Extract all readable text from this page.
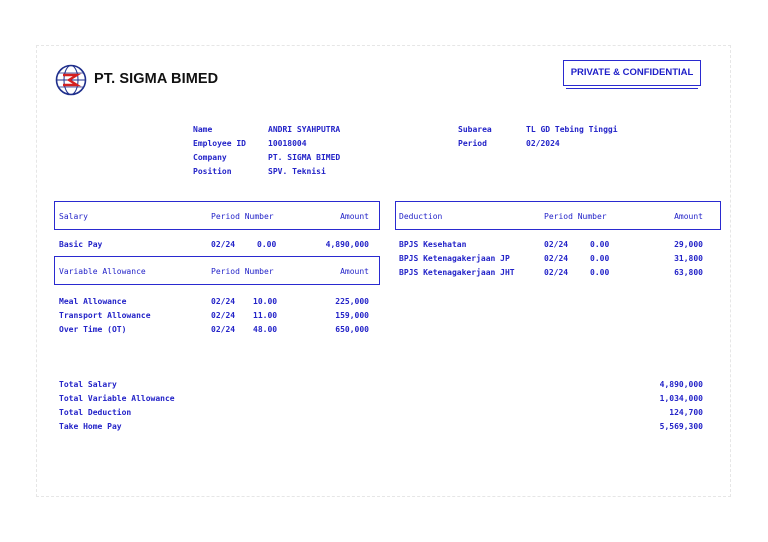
PT. SIGMA BIMED	PRIVATE & CONFIDENTIAL
Name	ANDRI SYAHPUTRA
Employee ID	10018004
Company	PT. SIGMA BIMED
Position	SPV. Teknisi
Subarea	TL GD Tebing Tinggi
Period	02/2024
Salary	Period Number	Amount
Basic Pay	02/24	0.00	4,890,000
Variable Allowance	Period Number	Amount
Meal Allowance	02/24 10.00	225,000
Transport Allowance	02/24 11.00	159,000
Over Time (OT)	02/24 48.00	650,000
Deduction	Period Number	Amount
BPJS Kesehatan	02/24	0.00	29,000
BPJS Ketenagakerjaan JP	02/24	0.00	31,800
BPJS Ketenagakerjaan JHT	02/24	0.00	63,800
Total Salary	4,890,000
Total Variable Allowance	1,034,000
Total Deduction	124,700
Take Home Pay	5,569,300
